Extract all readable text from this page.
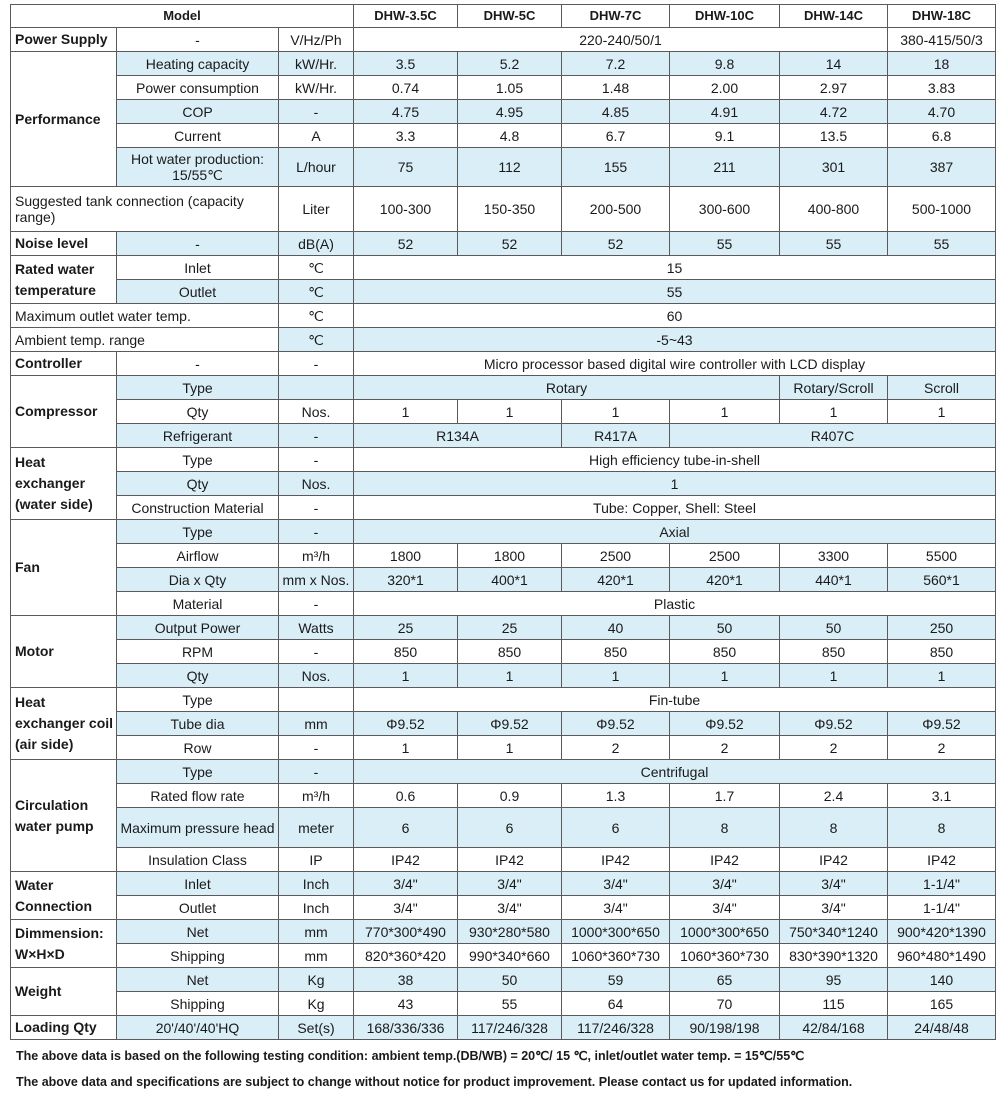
Model			DHW-3.5C	DHW-5C	DHW-7C	DHW-10C	DHW-14C	DHW-18C
Power Supply	-	V/Hz/Ph	220-240/50/1					380-415/50/3
Performance	Heating capacity	kW/Hr.	3.5	5.2	7.2	9.8	14	18
	Power consumption	kW/Hr.	0.74	1.05	1.48	2.00	2.97	3.83
	COP	-	4.75	4.95	4.85	4.91	4.72	4.70
	Current	A	3.3	4.8	6.7	9.1	13.5	6.8
	Hot water production: 15/55℃	L/hour	75	112	155	211	301	387
Suggested tank connection (capacity range)		Liter	100-300	150-350	200-500	300-600	400-800	500-1000
Noise level	-	dB(A)	52	52	52	55	55	55
Rated water temperature	Inlet	℃	15					
	Outlet	℃	55					
Maximum outlet water temp.		℃	60					
Ambient temp. range		℃	-5~43					
Controller	-	-	Micro processor based digital wire controller with LCD display					
Compressor	Type		Rotary				Rotary/Scroll	Scroll
	Qty	Nos.	1	1	1	1	1	1
	Refrigerant	-	R134A		R417A	R407C		
Heat exchanger (water side)	Type	-	High efficiency tube-in-shell					
	Qty	Nos.	1					
	Construction Material	-	Tube: Copper, Shell: Steel					
Fan	Type	-	Axial					
	Airflow	m³/h	1800	1800	2500	2500	3300	5500
	Dia x Qty	mm x Nos.	320*1	400*1	420*1	420*1	440*1	560*1
	Material	-	Plastic					
Motor	Output Power	Watts	25	25	40	50	50	250
	RPM	-	850	850	850	850	850	850
	Qty	Nos.	1	1	1	1	1	1
Heat exchanger coil (air side)	Type		Fin-tube					
	Tube dia	mm	Φ9.52	Φ9.52	Φ9.52	Φ9.52	Φ9.52	Φ9.52
	Row	-	1	1	2	2	2	2
Circulation water pump	Type	-	Centrifugal					
	Rated flow rate	m³/h	0.6	0.9	1.3	1.7	2.4	3.1
	Maximum pressure head	meter	6	6	6	8	8	8
	Insulation Class	IP	IP42	IP42	IP42	IP42	IP42	IP42
Water Connection	Inlet	Inch	3/4"	3/4"	3/4"	3/4"	3/4"	1-1/4"
	Outlet	Inch	3/4"	3/4"	3/4"	3/4"	3/4"	1-1/4"
Dimmension: W×H×D	Net	mm	770*300*490	930*280*580	1000*300*650	1000*300*650	750*340*1240	900*420*1390
	Shipping	mm	820*360*420	990*340*660	1060*360*730	1060*360*730	830*390*1320	960*480*1490
Weight	Net	Kg	38	50	59	65	95	140
	Shipping	Kg	43	55	64	70	115	165
Loading Qty	20'/40'/40'HQ	Set(s)	168/336/336	117/246/328	117/246/328	90/198/198	42/84/168	24/48/48
The above data is based on the following testing condition: ambient temp.(DB/WB) = 20℃/ 15 ℃, inlet/outlet water temp. = 15℃/55℃
The above data and specifications are subject to change without notice for product improvement. Please contact us for updated information.
